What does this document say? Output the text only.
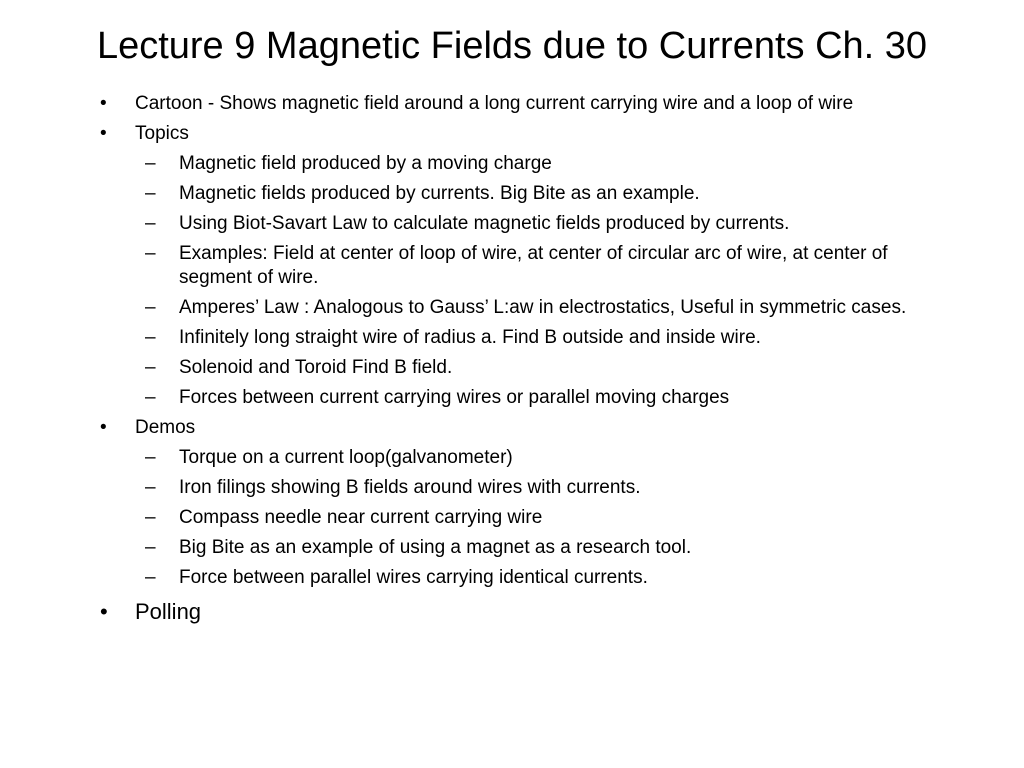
Lecture 9 Magnetic Fields due to Currents Ch. 30
•	Cartoon - Shows magnetic field around a long current carrying wire and a loop of wire
•	Topics
–	Magnetic field produced by a moving charge
–	Magnetic fields produced by currents. Big Bite as an example.
–	Using Biot-Savart Law to calculate magnetic fields produced by currents.
–	Examples: Field at center of loop of wire, at center of circular arc of wire, at center of segment of wire.
–	Amperes’ Law : Analogous to Gauss’ L:aw in electrostatics, Useful in symmetric cases.
–	Infinitely long straight wire of radius a. Find B outside and inside wire.
–	Solenoid and Toroid Find B field.
–	Forces between current carrying wires or parallel moving charges
•	Demos
–	Torque on a current loop(galvanometer)
–	Iron filings showing B fields around wires with currents.
–	Compass needle near current carrying wire
–	Big Bite as an example of using a magnet as a research tool.
–	Force between parallel wires carrying identical currents.
•	Polling
